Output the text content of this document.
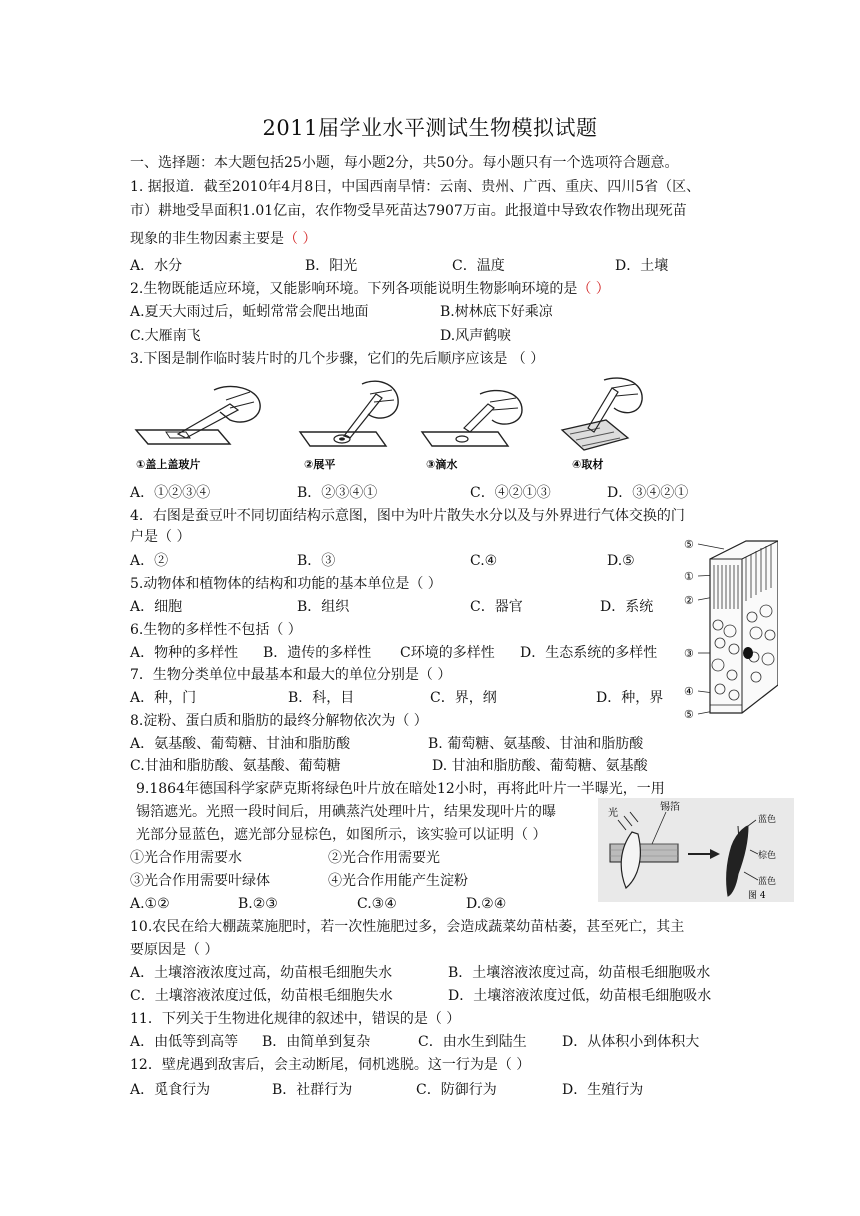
2011届学业水平测试生物模拟试题
一、选择题：本大题包括25小题，每小题2分，共50分。每小题只有一个选项符合题意。
1. 据报道．截至2010年4月8日，中国西南旱情：云南、贵州、广西、重庆、四川5省（区、
市）耕地受旱面积1.01亿亩，农作物受旱死苗达7907万亩。此报道中导致农作物出现死苗
现象的非生物因素主要是（ ）
A．水分	B．阳光	C．温度	D．土壤
2.生物既能适应环境，又能影响环境。下列各项能说明生物影响环境的是（ ）
A.夏天大雨过后，蚯蚓常常会爬出地面	B.树林底下好乘凉
C.大雁南飞	D.风声鹤唳
3.下图是制作临时装片时的几个步骤，它们的先后顺序应该是 （ ）
①盖上盖玻片	②展平	③滴水	④取材
A．①②③④	B．②③④①	C．④②①③	D．③④②①
4．右图是蚕豆叶不同切面结构示意图，图中为叶片散失水分以及与外界进行气体交换的门
户是（ ）
A．②	B．③	C.④	D.⑤
⑤
①
②
③
④
⑤
5.动物体和植物体的结构和功能的基本单位是（ ）
A．细胞	B．组织	C．器官	D．系统
6.生物的多样性不包括（ ）
A．物种的多样性 B．遗传的多样性 C环境的多样性 D．生态系统的多样性
7．生物分类单位中最基本和最大的单位分别是（ ）
A．种，门	B．科，目	C．界，纲	D．种，界
8.淀粉、蛋白质和脂肪的最终分解物依次为（ ）
A．氨基酸、葡萄糖、甘油和脂肪酸	B. 葡萄糖、氨基酸、甘油和脂肪酸
C.甘油和脂肪酸、氨基酸、葡萄糖	D. 甘油和脂肪酸、葡萄糖、氨基酸
9.1864年德国科学家萨克斯将绿色叶片放在暗处12小时，再将此叶片一半曝光，一用
锡箔遮光。光照一段时间后，用碘蒸汽处理叶片，结果发现叶片的曝
光部分显蓝色，遮光部分显棕色，如图所示，该实验可以证明（ ）
①光合作用需要水	②光合作用需要光
③光合作用需要叶绿体	④光合作用能产生淀粉
A.①②	B.②③	C.③④	D.②④
光
锡箔
蓝色
棕色
蓝色
图 4
10.农民在给大棚蔬菜施肥时，若一次性施肥过多，会造成蔬菜幼苗枯萎，甚至死亡，其主
要原因是（ ）
A．土壤溶液浓度过高，幼苗根毛细胞失水	B．土壤溶液浓度过高，幼苗根毛细胞吸水
C．土壤溶液浓度过低，幼苗根毛细胞失水	D．土壤溶液浓度过低，幼苗根毛细胞吸水
11．下列关于生物进化规律的叙述中，错误的是（ ）
A．由低等到高等 B．由简单到复杂	C．由水生到陆生	D．从体积小到体积大
12．壁虎遇到敌害后，会主动断尾，伺机逃脱。这一行为是（ ）
A．觅食行为	B．社群行为	C．防御行为	D．生殖行为
